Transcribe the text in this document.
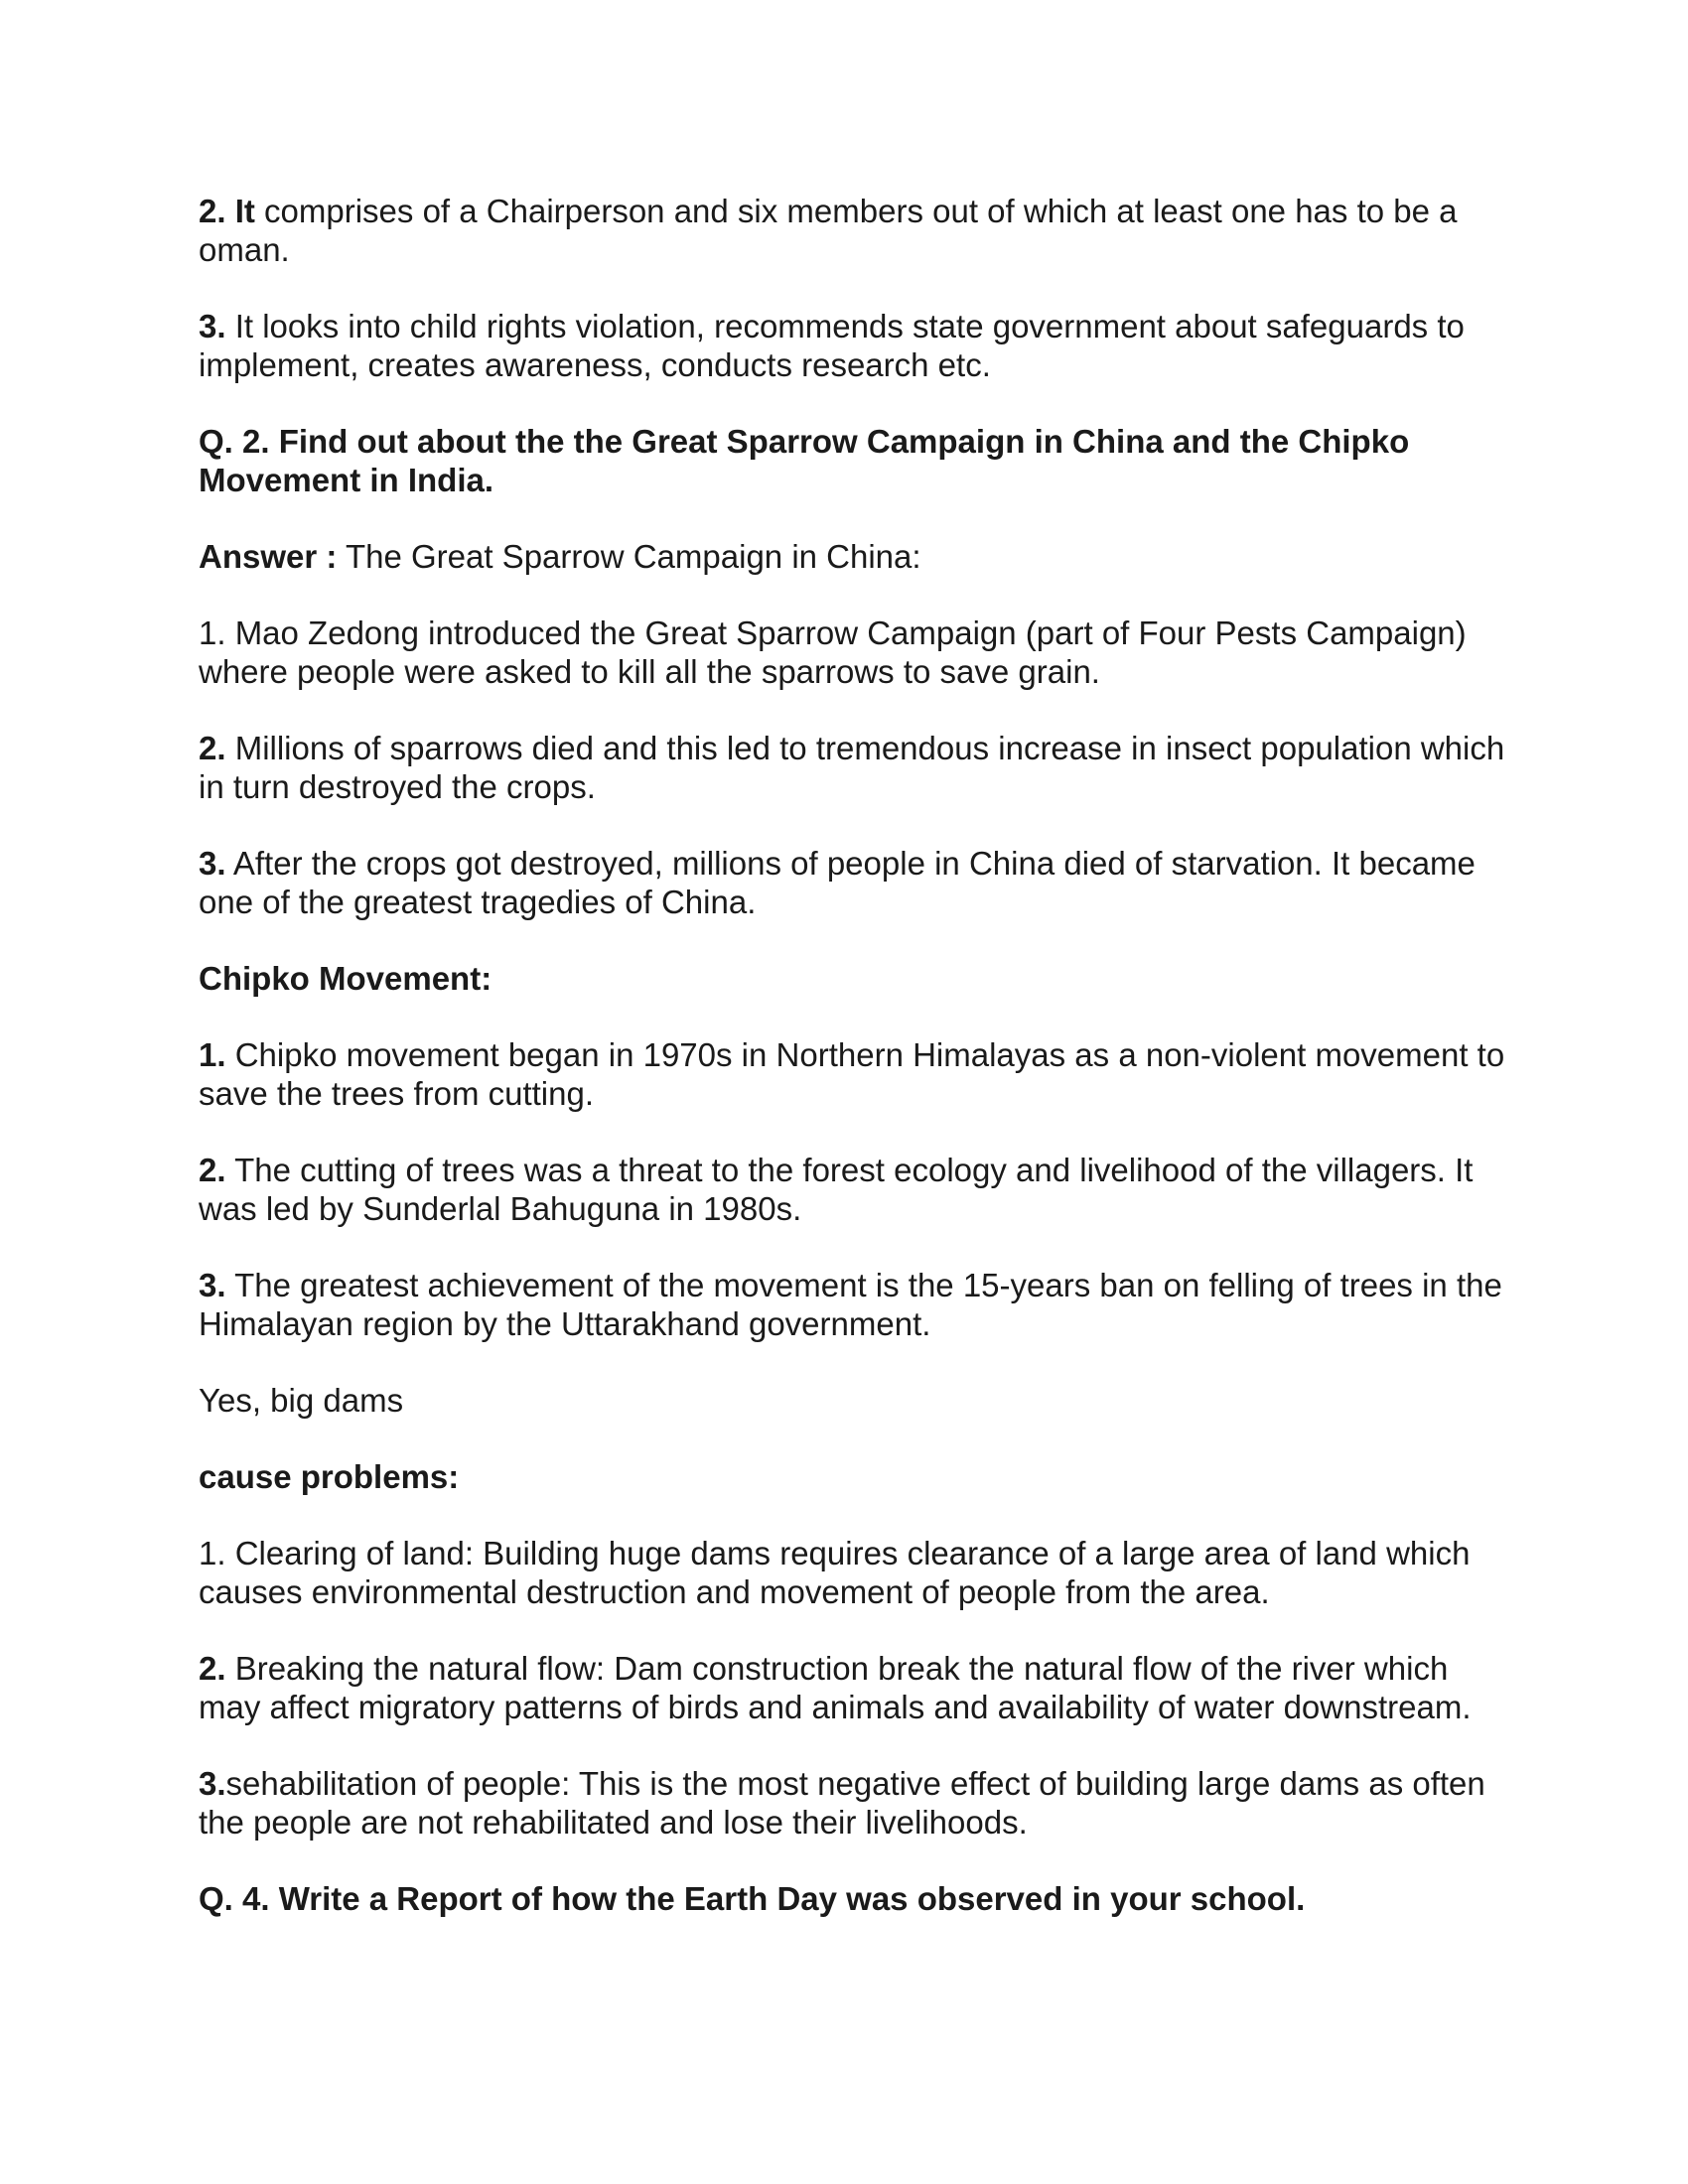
2. It comprises of a Chairperson and six members out of which at least one has to be a oman.

3. It looks into child rights violation, recommends state government about safeguards to implement, creates awareness, conducts research etc.

Q. 2. Find out about the the Great Sparrow Campaign in China and the Chipko Movement in India.

Answer : The Great Sparrow Campaign in China:

1. Mao Zedong introduced the Great Sparrow Campaign (part of Four Pests Campaign) where people were asked to kill all the sparrows to save grain.

2. Millions of sparrows died and this led to tremendous increase in insect population which in turn destroyed the crops.

3. After the crops got destroyed, millions of people in China died of starvation. It became one of the greatest tragedies of China.

Chipko Movement:

1. Chipko movement began in 1970s in Northern Himalayas as a non-violent movement to save the trees from cutting.

2. The cutting of trees was a threat to the forest ecology and livelihood of the villagers. It was led by Sunderlal Bahuguna in 1980s.

3. The greatest achievement of the movement is the 15-years ban on felling of trees in the Himalayan region by the Uttarakhand government.

Yes, big dams

cause problems:

1. Clearing of land: Building huge dams requires clearance of a large area of land which causes environmental destruction and movement of people from the area.

2. Breaking the natural flow: Dam construction break the natural flow of the river which may affect migratory patterns of birds and animals and availability of water downstream.

3.sehabilitation of people: This is the most negative effect of building large dams as often the people are not rehabilitated and lose their livelihoods.

Q. 4. Write a Report of how the Earth Day was observed in your school.
